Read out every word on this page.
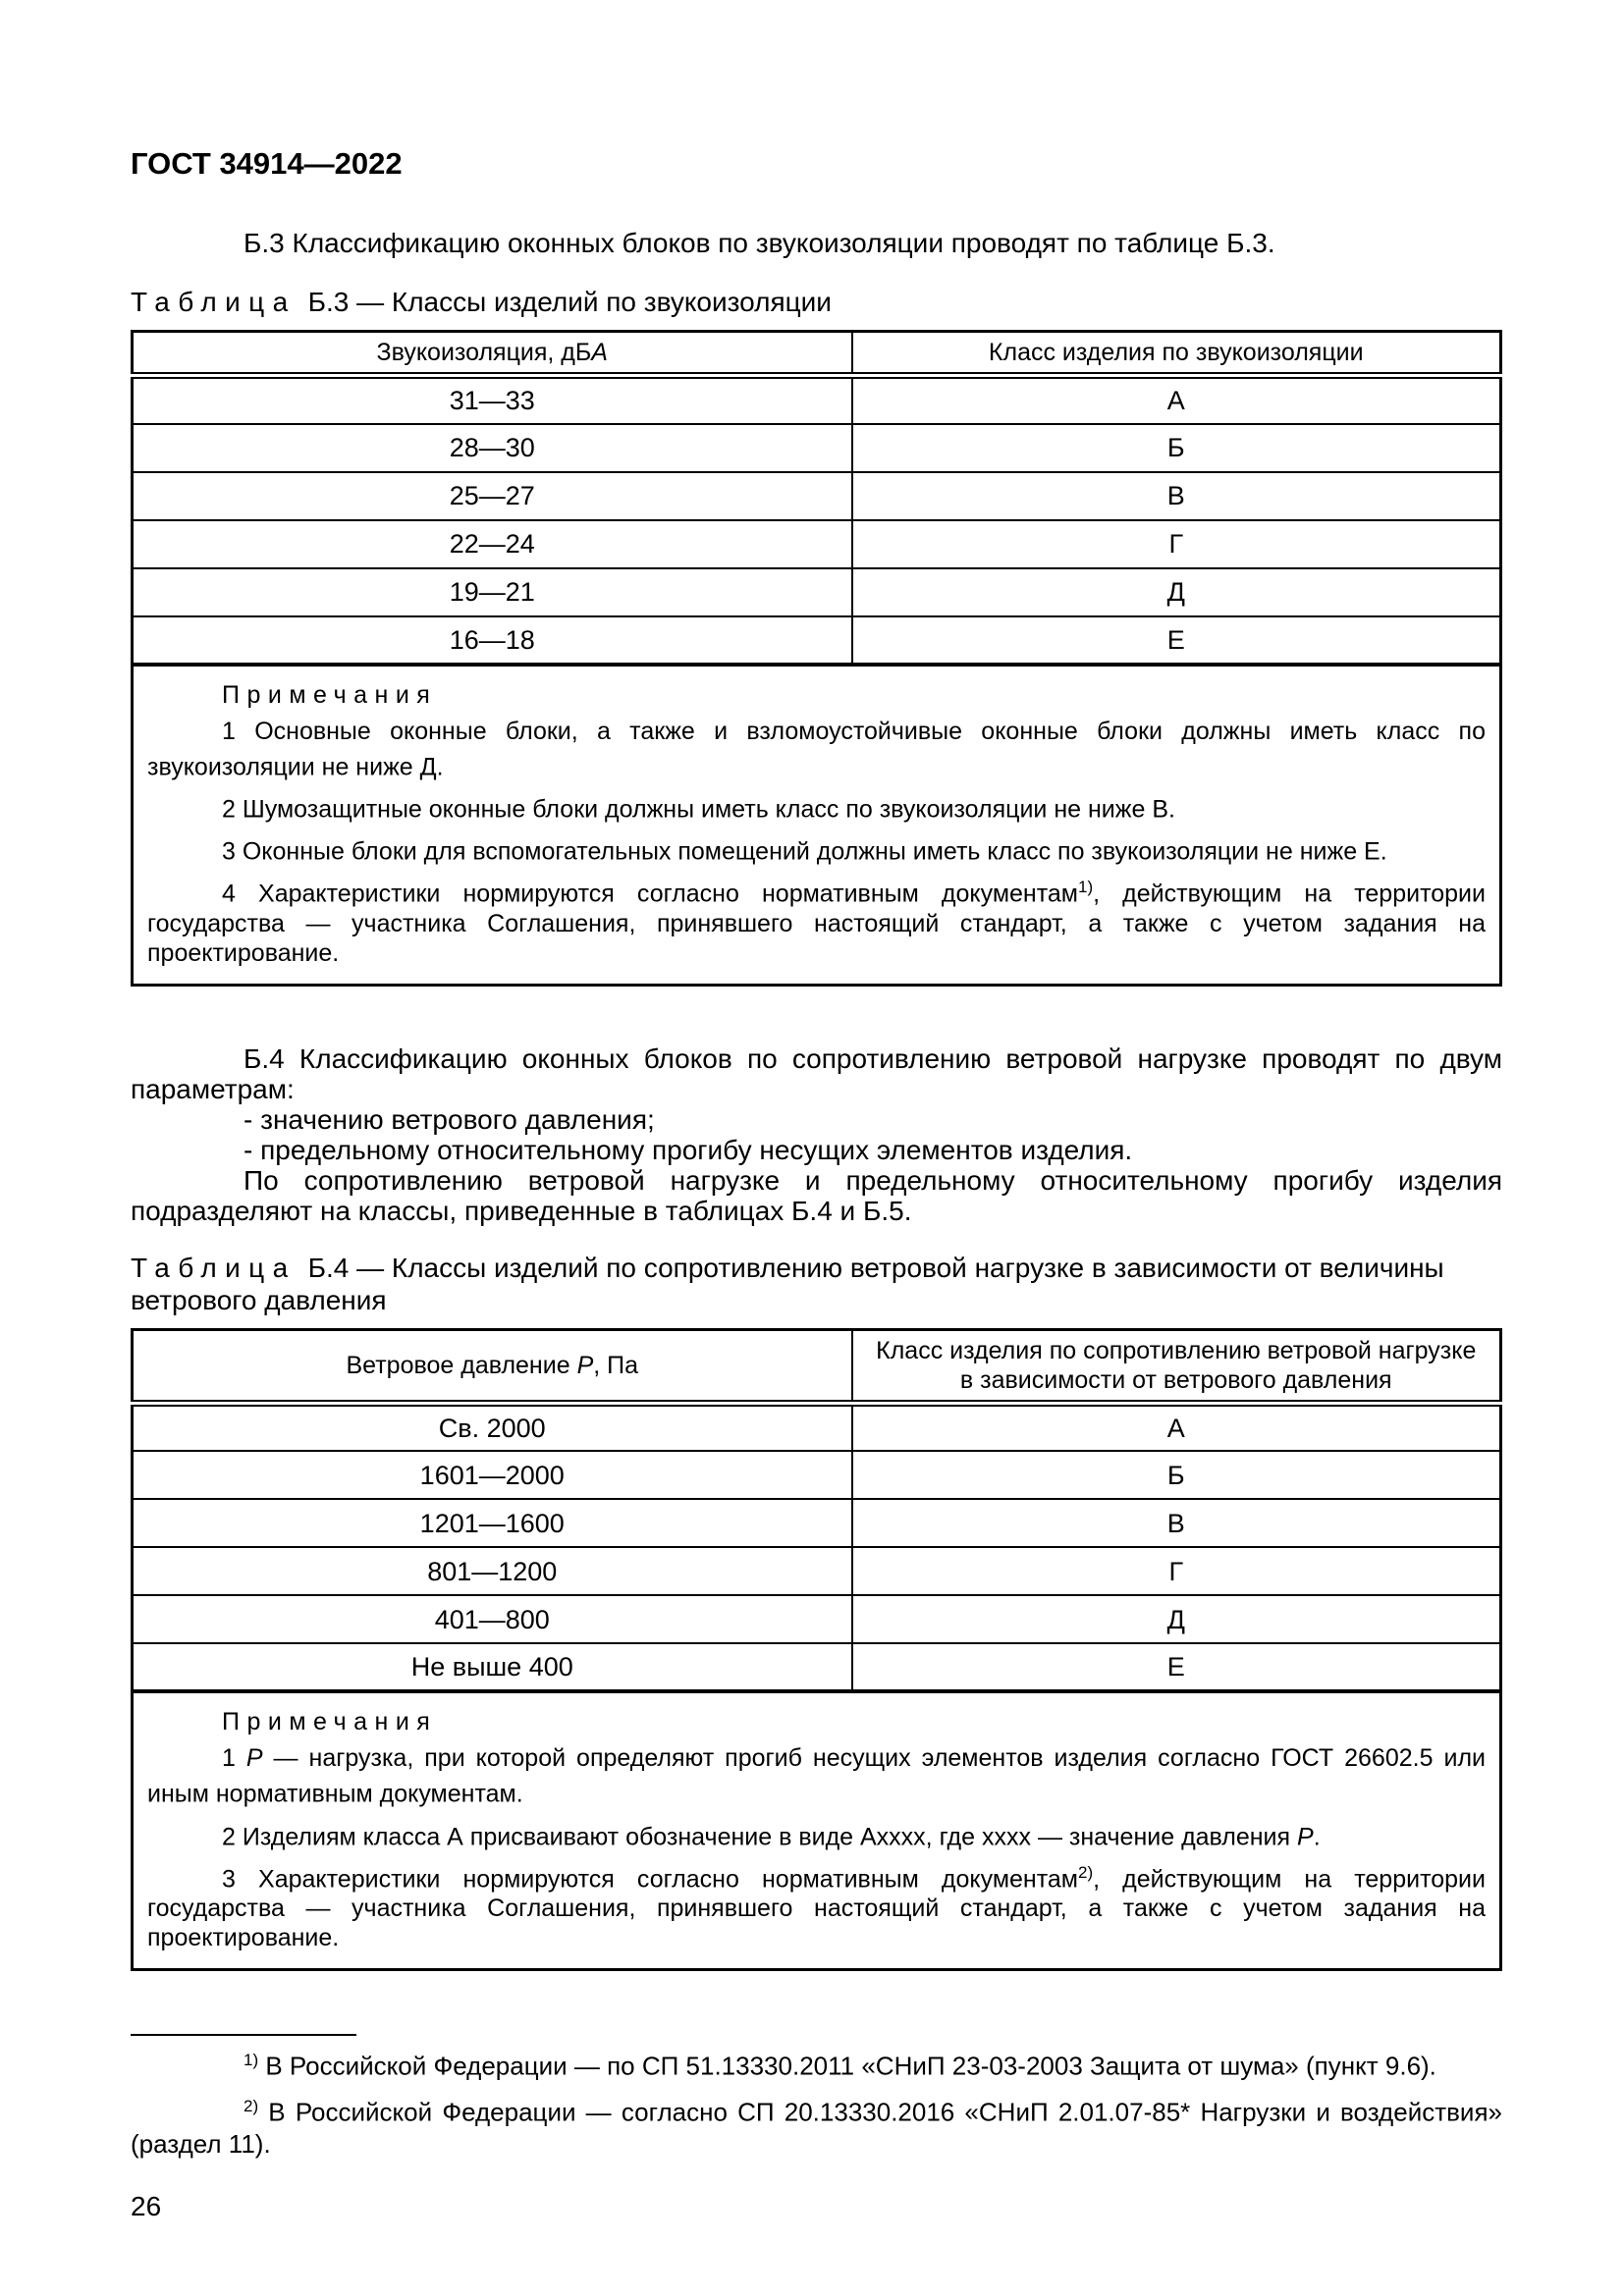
ГОСТ 34914—2022

Б.3 Классификацию оконных блоков по звукоизоляции проводят по таблице Б.3.

Таблица Б.3 — Классы изделий по звукоизоляции

Звукоизоляция, дБА	Класс изделия по звукоизоляции
31—33	А
28—30	Б
25—27	В
22—24	Г
19—21	Д
16—18	Е

Примечания

1 Основные оконные блоки, а также и взломоустойчивые оконные блоки должны иметь класс по звукоизоляции не ниже Д.

2 Шумозащитные оконные блоки должны иметь класс по звукоизоляции не ниже В.

3 Оконные блоки для вспомогательных помещений должны иметь класс по звукоизоляции не ниже Е.

4 Характеристики нормируются согласно нормативным документам$^{1)}$, действующим на территории государства — участника Соглашения, принявшего настоящий стандарт, а также с учетом задания на проектирование.	

Б.4 Классификацию оконных блоков по сопротивлению ветровой нагрузке проводят по двум параметрам:

- значению ветрового давления;

- предельному относительному прогибу несущих элементов изделия.

По сопротивлению ветровой нагрузке и предельному относительному прогибу изделия подразделяют на классы, приведенные в таблицах Б.4 и Б.5.

Таблица Б.4 — Классы изделий по сопротивлению ветровой нагрузке в зависимости от величины ветрового давления

Ветровое давление Р, Па	Класс изделия по сопротивлению ветровой нагрузке
в зависимости от ветрового давления

Св. 2000	А
1601—2000	Б
1201—1600	В
801—1200	Г
401—800	Д
Не выше 400	Е

Примечания

1 Р — нагрузка, при которой определяют прогиб несущих элементов изделия согласно ГОСТ 26602.5 или иным нормативным документам.

2 Изделиям класса А присваивают обозначение в виде Ахххх, где хххх — значение давления Р.

3 Характеристики нормируются согласно нормативным документам$^{2)}$, действующим на территории государства — участника Соглашения, принявшего настоящий стандарт, а также с учетом задания на проектирование.	

$^{1)}$ В Российской Федерации — по СП 51.13330.2011 «СНиП 23-03-2003 Защита от шума» (пункт 9.6).

$^{2)}$ В Российской Федерации — согласно СП 20.13330.2016 «СНиП 2.01.07-85* Нагрузки и воздействия» (раздел 11).

26
